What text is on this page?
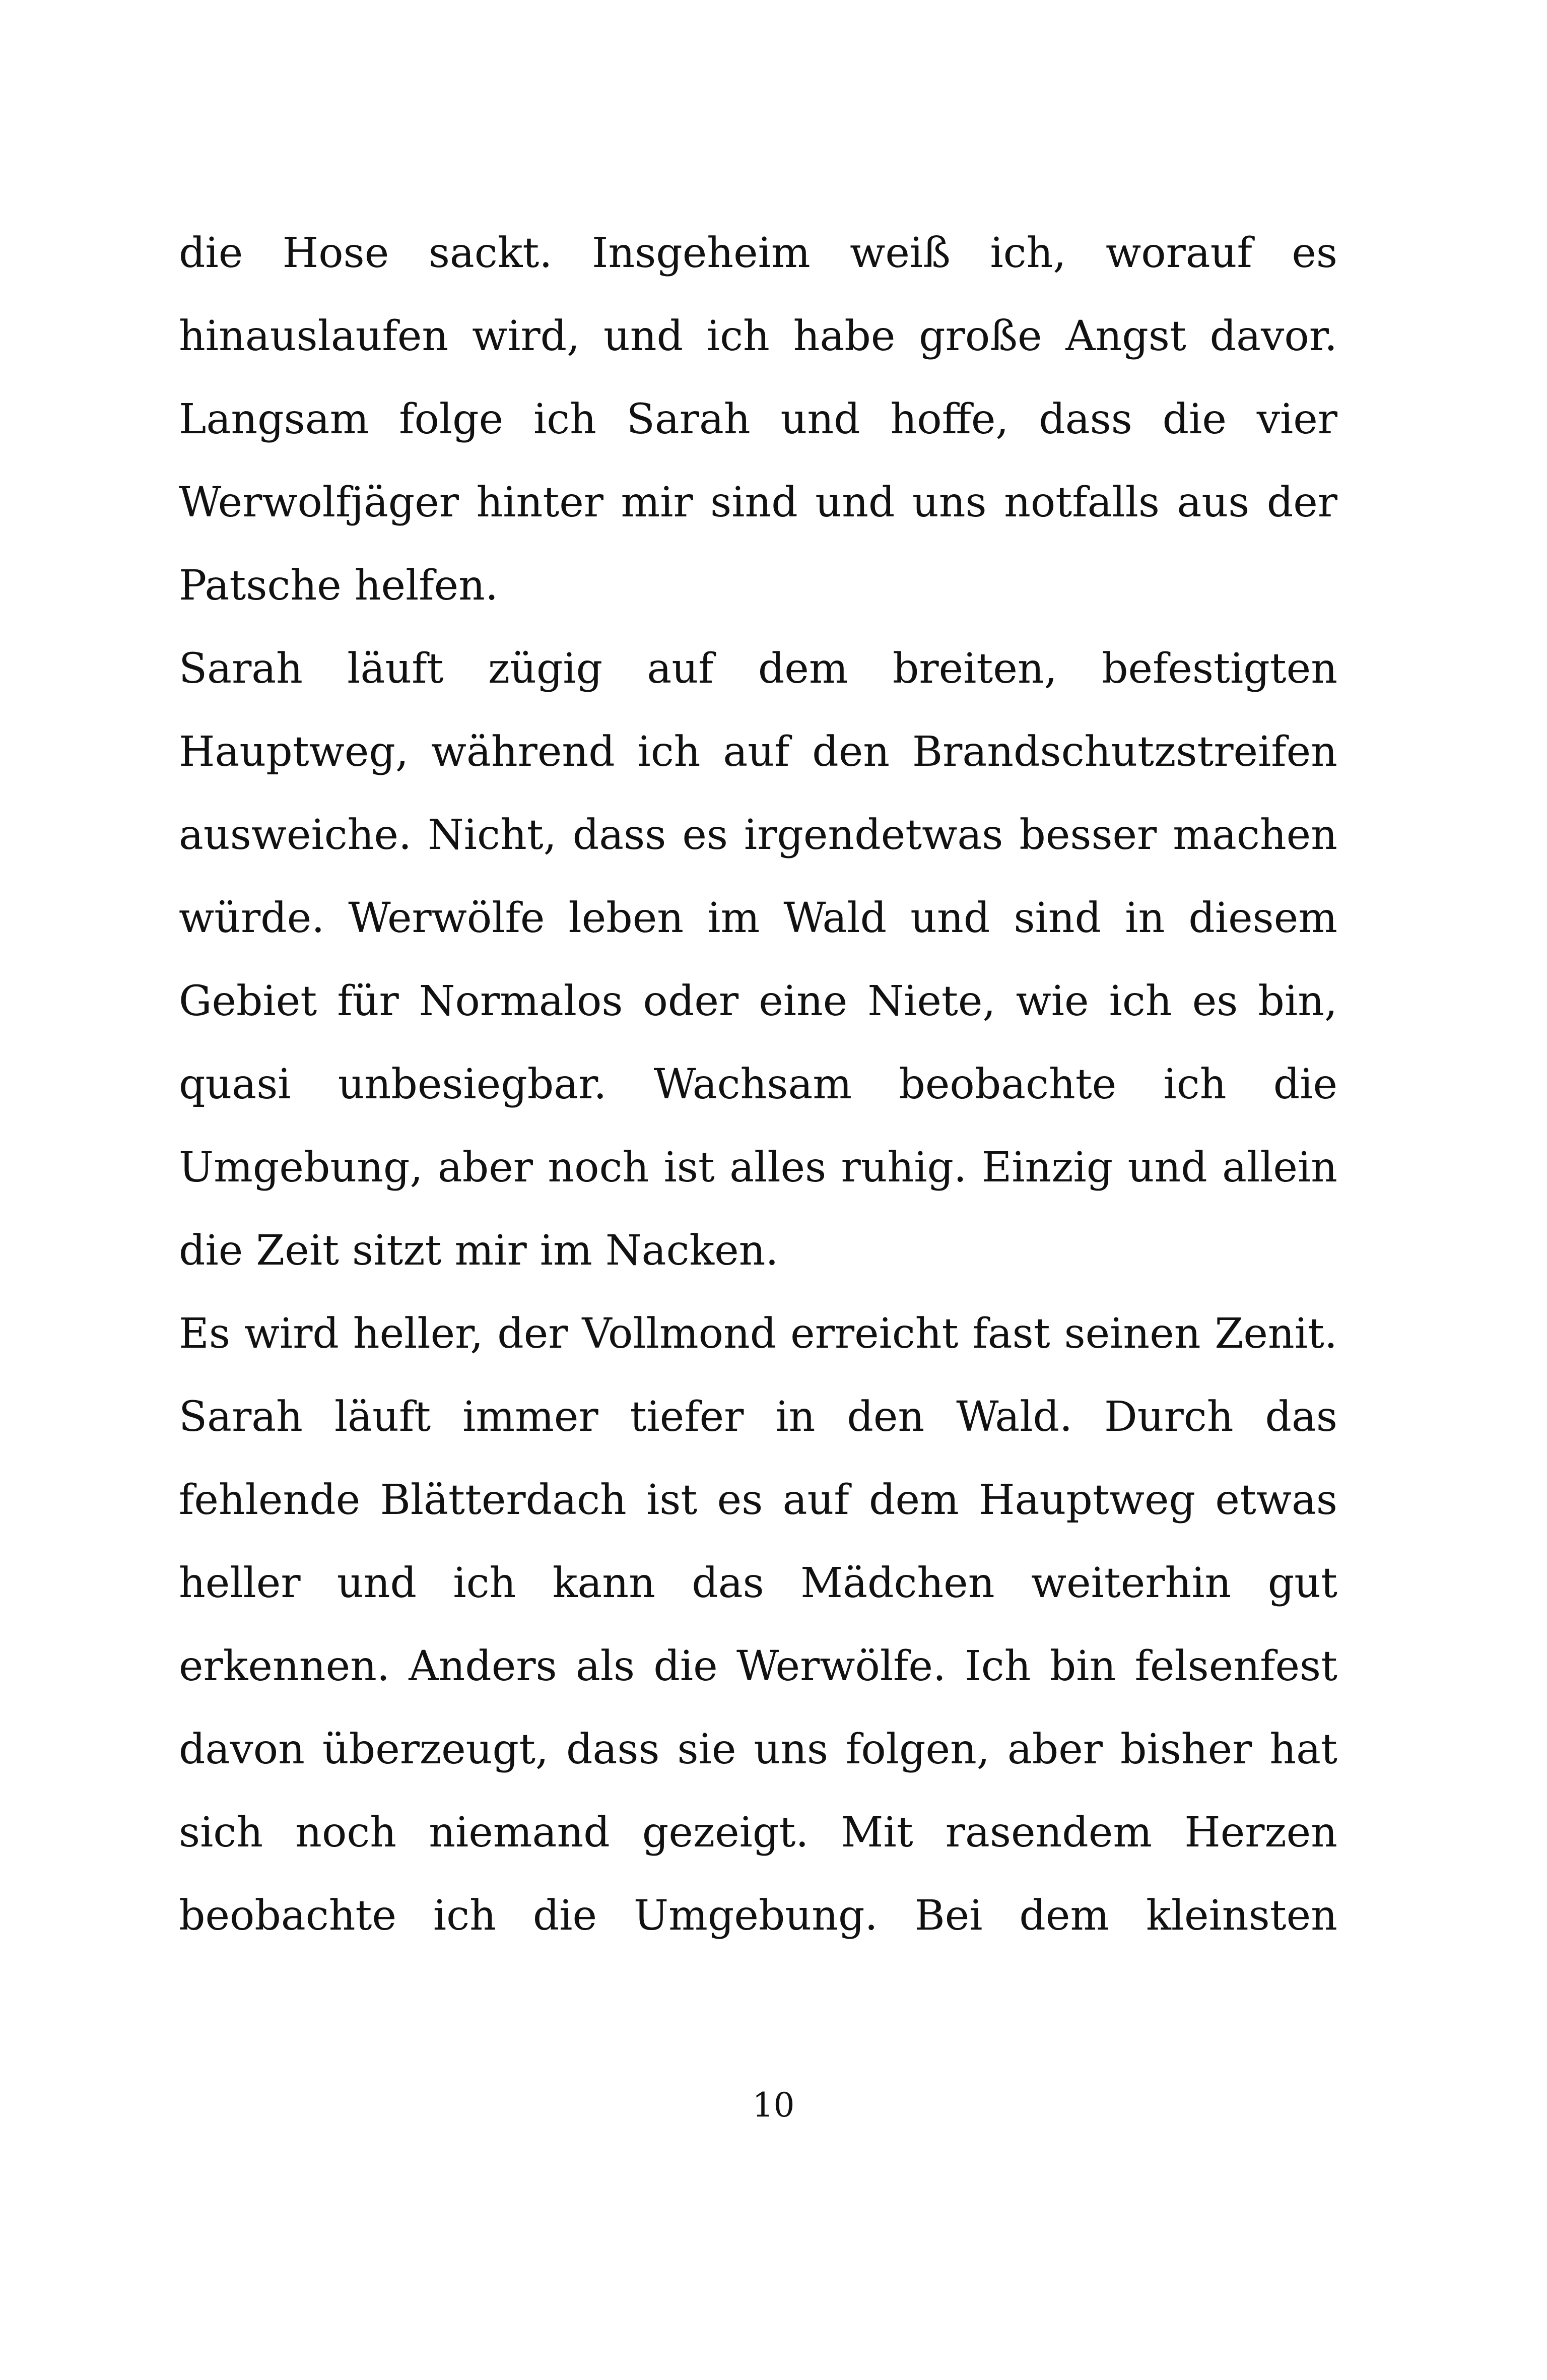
die Hose sackt. Insgeheim weiß ich, worauf es
hinauslaufen wird, und ich habe große Angst davor.
Langsam folge ich Sarah und hoffe, dass die vier
Werwolfjäger hinter mir sind und uns notfalls aus der
Patsche helfen.
Sarah läuft zügig auf dem breiten, befestigten
Hauptweg, während ich auf den Brandschutzstreifen
ausweiche. Nicht, dass es irgendetwas besser machen
würde. Werwölfe leben im Wald und sind in diesem
Gebiet für Normalos oder eine Niete, wie ich es bin,
quasi unbesiegbar. Wachsam beobachte ich die
Umgebung, aber noch ist alles ruhig. Einzig und allein
die Zeit sitzt mir im Nacken.
Es wird heller, der Vollmond erreicht fast seinen Zenit.
Sarah läuft immer tiefer in den Wald. Durch das
fehlende Blätterdach ist es auf dem Hauptweg etwas
heller und ich kann das Mädchen weiterhin gut
erkennen. Anders als die Werwölfe. Ich bin felsenfest
davon überzeugt, dass sie uns folgen, aber bisher hat
sich noch niemand gezeigt. Mit rasendem Herzen
beobachte ich die Umgebung. Bei dem kleinsten
10
